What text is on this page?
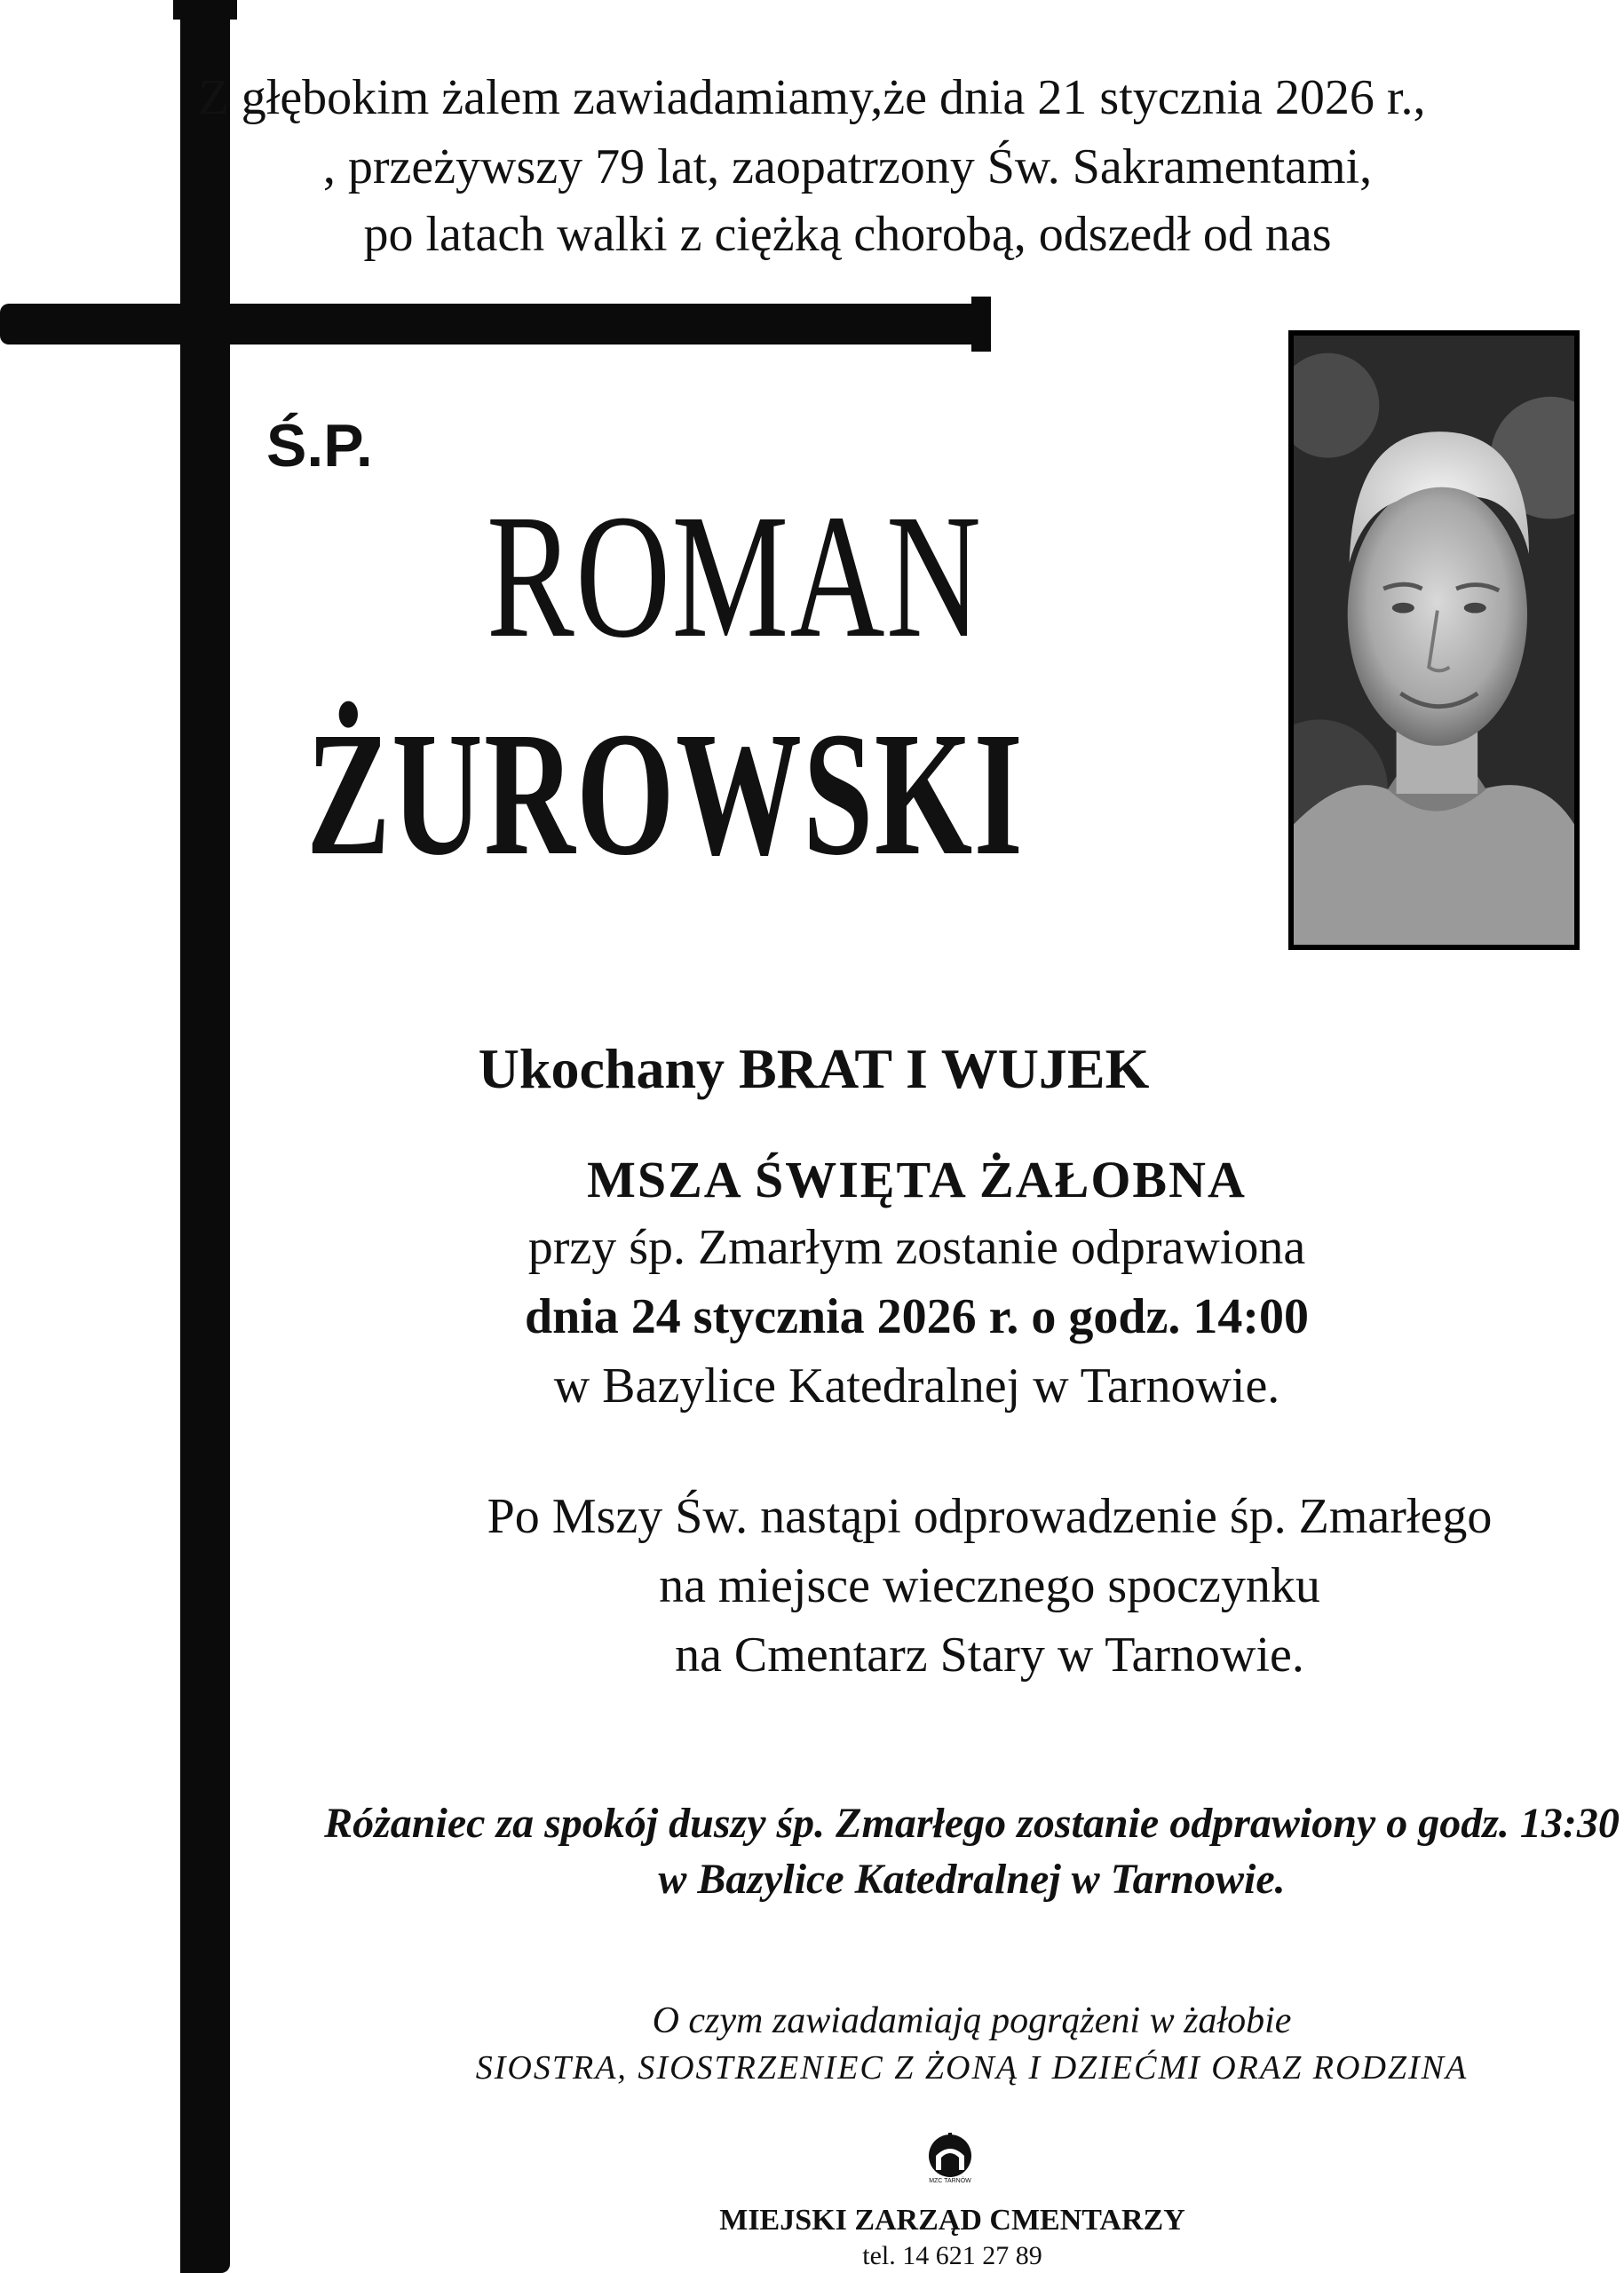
Z głębokim żalem zawiadamiamy,że dnia 21 stycznia 2026 r.,
, przeżywszy 79 lat, zaopatrzony Św. Sakramentami,
po latach walki z ciężką chorobą, odszedł od nas
Ś.P.
ROMAN
ŻUROWSKI
Ukochany BRAT I WUJEK
MSZA ŚWIĘTA ŻAŁOBNA
przy śp. Zmarłym zostanie odprawiona
dnia 24 stycznia 2026 r. o godz. 14:00
w Bazylice Katedralnej w Tarnowie.
Po Mszy Św. nastąpi odprowadzenie śp. Zmarłego
na miejsce wiecznego spoczynku
na Cmentarz Stary w Tarnowie.
Różaniec za spokój duszy śp. Zmarłego zostanie odprawiony o godz. 13:30
w Bazylice Katedralnej w Tarnowie.
O czym zawiadamiają pogrążeni w żałobie
SIOSTRA, SIOSTRZENIEC Z ŻONĄ I DZIEĆMI ORAZ RODZINA
MZC TARNÓW
MIEJSKI ZARZĄD CMENTARZY
tel. 14 621 27 89
